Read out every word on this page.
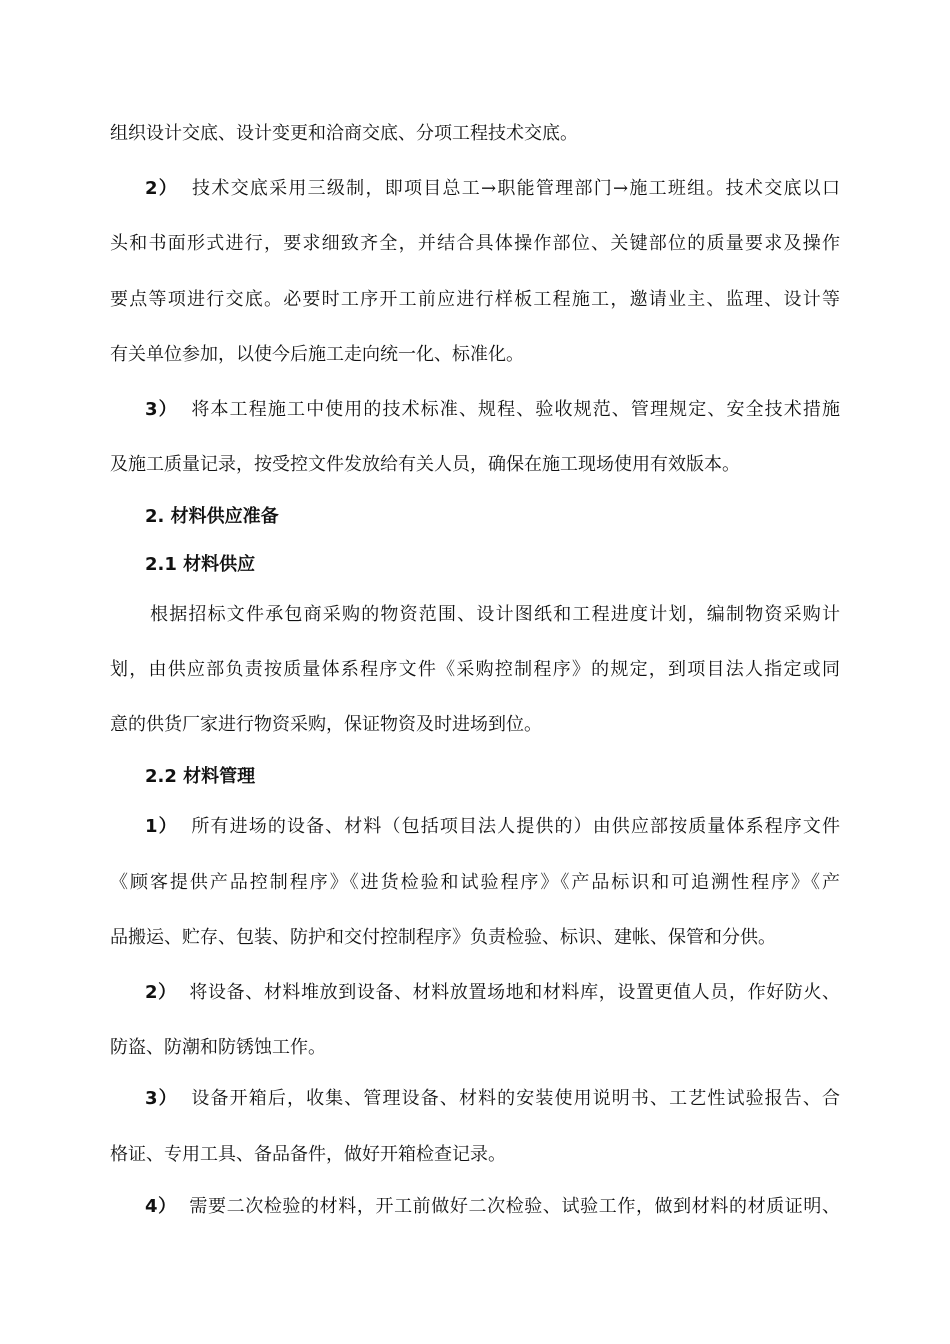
组织设计交底、设计变更和洽商交底、分项工程技术交底。
2） 技术交底采用三级制，即项目总工→职能管理部门→施工班组。技术交底以口
头和书面形式进行，要求细致齐全，并结合具体操作部位、关键部位的质量要求及操作
要点等项进行交底。必要时工序开工前应进行样板工程施工，邀请业主、监理、设计等
有关单位参加，以使今后施工走向统一化、标准化。
3） 将本工程施工中使用的技术标准、规程、验收规范、管理规定、安全技术措施
及施工质量记录，按受控文件发放给有关人员，确保在施工现场使用有效版本。
2. 材料供应准备
2.1 材料供应
根据招标文件承包商采购的物资范围、设计图纸和工程进度计划，编制物资采购计
划，由供应部负责按质量体系程序文件《采购控制程序》的规定，到项目法人指定或同
意的供货厂家进行物资采购，保证物资及时进场到位。
2.2 材料管理
1） 所有进场的设备、材料（包括项目法人提供的）由供应部按质量体系程序文件
《顾客提供产品控制程序》《进货检验和试验程序》《产品标识和可追溯性程序》《产
品搬运、贮存、包装、防护和交付控制程序》负责检验、标识、建帐、保管和分供。
2） 将设备、材料堆放到设备、材料放置场地和材料库，设置更值人员，作好防火、
防盗、防潮和防锈蚀工作。
3） 设备开箱后，收集、管理设备、材料的安装使用说明书、工艺性试验报告、合
格证、专用工具、备品备件，做好开箱检查记录。
4） 需要二次检验的材料，开工前做好二次检验、试验工作，做到材料的材质证明、
